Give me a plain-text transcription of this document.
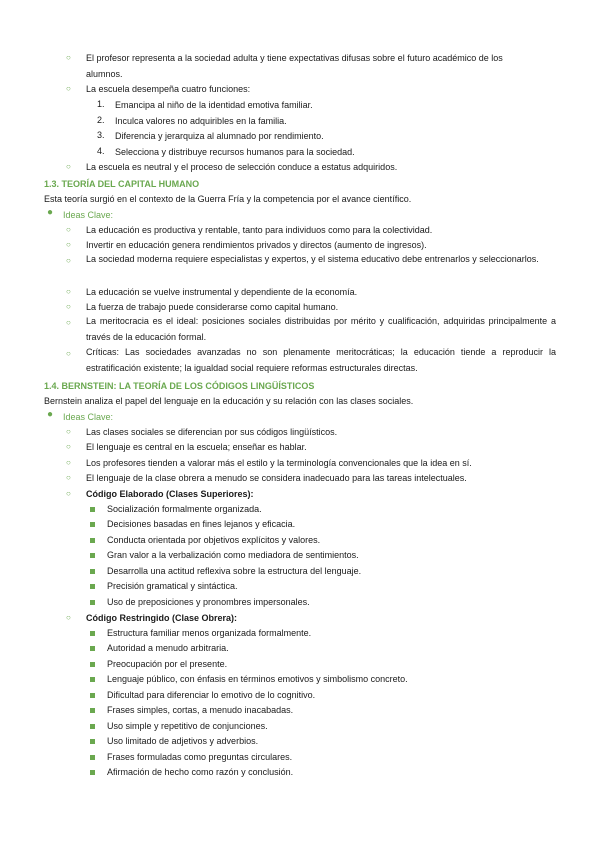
○ El profesor representa a la sociedad adulta y tiene expectativas difusas sobre el futuro académico de los
alumnos.
○ La escuela desempeña cuatro funciones:
1. Emancipa al niño de la identidad emotiva familiar.
2. Inculca valores no adquiribles en la familia.
3. Diferencia y jerarquiza al alumnado por rendimiento.
4. Selecciona y distribuye recursos humanos para la sociedad.
○ La escuela es neutral y el proceso de selección conduce a estatus adquiridos.
1.3. TEORÍA DEL CAPITAL HUMANO
Esta teoría surgió en el contexto de la Guerra Fría y la competencia por el avance científico.
● Ideas Clave:
○ La educación es productiva y rentable, tanto para individuos como para la colectividad.
○ Invertir en educación genera rendimientos privados y directos (aumento de ingresos).
○ La sociedad moderna requiere especialistas y expertos, y el sistema educativo debe entrenarlos y seleccionarlos.
○ La educación se vuelve instrumental y dependiente de la economía.
○ La fuerza de trabajo puede considerarse como capital humano.
○ La meritocracia es el ideal: posiciones sociales distribuidas por mérito y cualificación, adquiridas principalmente a través de la educación formal.
○ Críticas: Las sociedades avanzadas no son plenamente meritocráticas; la educación tiende a reproducir la estratificación existente; la igualdad social requiere reformas estructurales directas.
1.4. BERNSTEIN: LA TEORÍA DE LOS CÓDIGOS LINGÜÍSTICOS
Bernstein analiza el papel del lenguaje en la educación y su relación con las clases sociales.
● Ideas Clave:
○ Las clases sociales se diferencian por sus códigos lingüísticos.
○ El lenguaje es central en la escuela; enseñar es hablar.
○ Los profesores tienden a valorar más el estilo y la terminología convencionales que la idea en sí.
○ El lenguaje de la clase obrera a menudo se considera inadecuado para las tareas intelectuales.
○ Código Elaborado (Clases Superiores):
Socialización formalmente organizada.
Decisiones basadas en fines lejanos y eficacia.
Conducta orientada por objetivos explícitos y valores.
Gran valor a la verbalización como mediadora de sentimientos.
Desarrolla una actitud reflexiva sobre la estructura del lenguaje.
Precisión gramatical y sintáctica.
Uso de preposiciones y pronombres impersonales.
○ Código Restringido (Clase Obrera):
Estructura familiar menos organizada formalmente.
Autoridad a menudo arbitraria.
Preocupación por el presente.
Lenguaje público, con énfasis en términos emotivos y simbolismo concreto.
Dificultad para diferenciar lo emotivo de lo cognitivo.
Frases simples, cortas, a menudo inacabadas.
Uso simple y repetitivo de conjunciones.
Uso limitado de adjetivos y adverbios.
Frases formuladas como preguntas circulares.
Afirmación de hecho como razón y conclusión.
